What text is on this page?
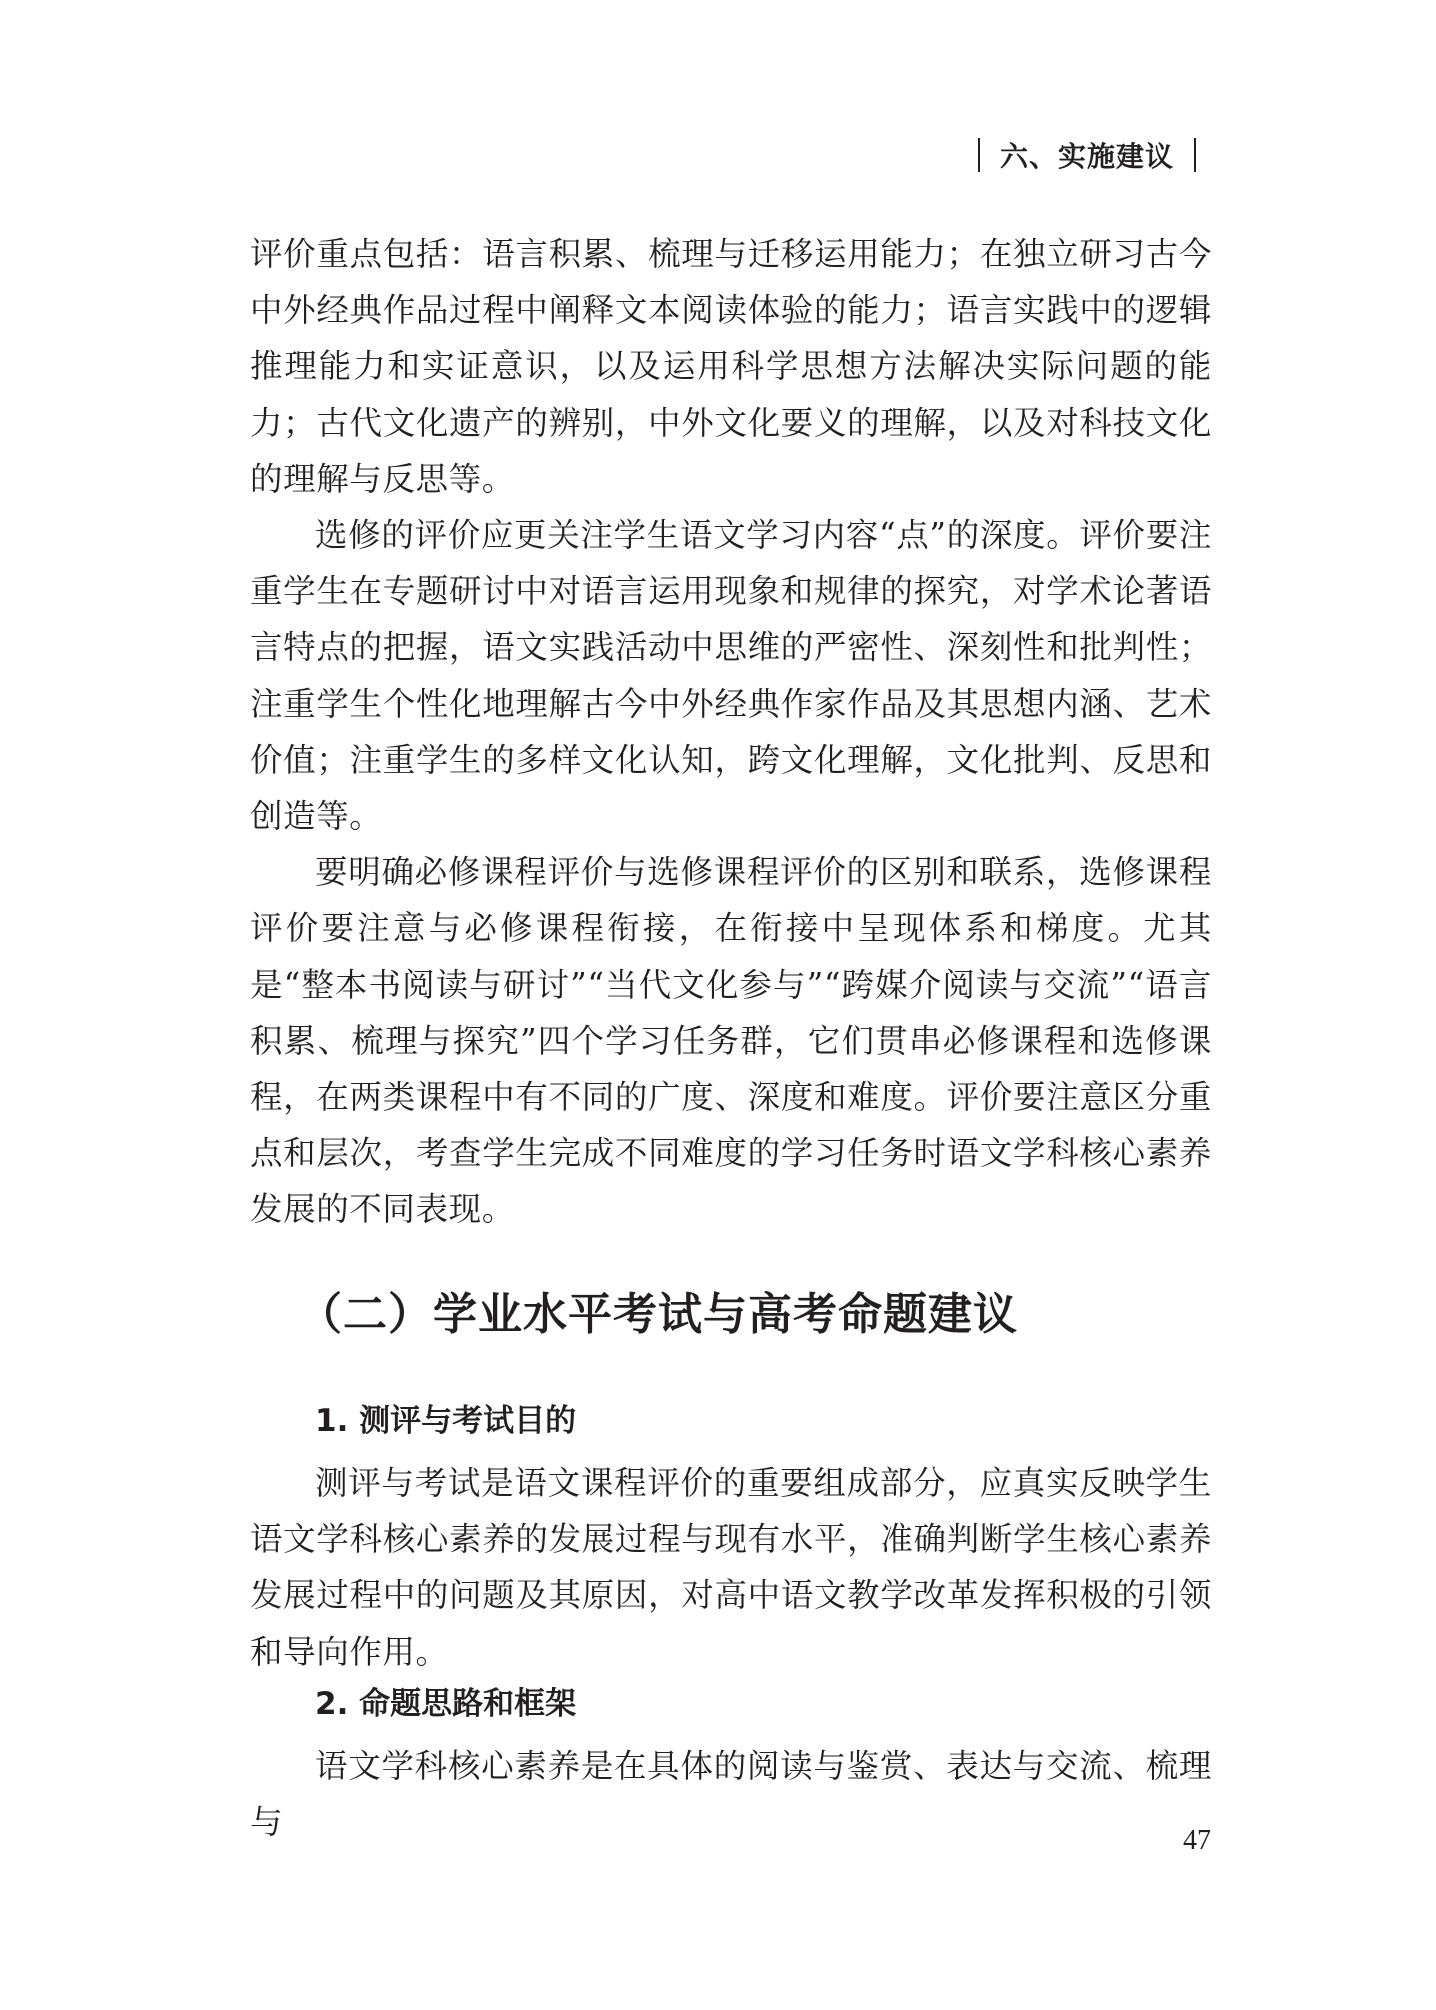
六、实施建议

评价重点包括：语言积累、梳理与迁移运用能力；在独立研习古今中外经典作品过程中阐释文本阅读体验的能力；语言实践中的逻辑推理能力和实证意识，以及运用科学思想方法解决实际问题的能力；古代文化遗产的辨别，中外文化要义的理解，以及对科技文化的理解与反思等。

选修的评价应更关注学生语文学习内容“点”的深度。评价要注重学生在专题研讨中对语言运用现象和规律的探究，对学术论著语言特点的把握，语文实践活动中思维的严密性、深刻性和批判性；注重学生个性化地理解古今中外经典作家作品及其思想内涵、艺术价值；注重学生的多样文化认知，跨文化理解，文化批判、反思和创造等。

要明确必修课程评价与选修课程评价的区别和联系，选修课程评价要注意与必修课程衔接，在衔接中呈现体系和梯度。尤其是“整本书阅读与研讨”“当代文化参与”“跨媒介阅读与交流”“语言积累、梳理与探究”四个学习任务群，它们贯串必修课程和选修课程，在两类课程中有不同的广度、深度和难度。评价要注意区分重点和层次，考查学生完成不同难度的学习任务时语文学科核心素养发展的不同表现。

（二）学业水平考试与高考命题建议
1. 测评与考试目的

测评与考试是语文课程评价的重要组成部分，应真实反映学生语文学科核心素养的发展过程与现有水平，准确判断学生核心素养发展过程中的问题及其原因，对高中语文教学改革发挥积极的引领和导向作用。

2. 命题思路和框架

语文学科核心素养是在具体的阅读与鉴赏、表达与交流、梳理与	47
